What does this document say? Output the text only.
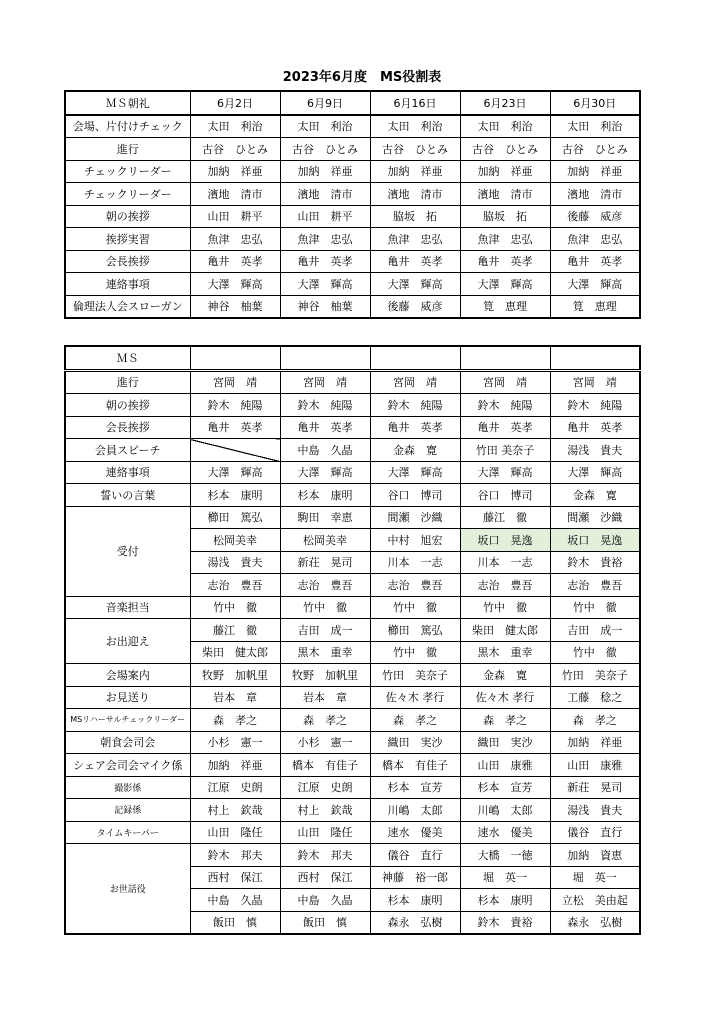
2023年6月度　MS役割表
ＭＳ朝礼	6月2日	6月9日	6月16日	6月23日	6月30日
会場、片付けチェック	太田　利治	太田　利治	太田　利治	太田　利治	太田　利治
進行	古谷　ひとみ	古谷　ひとみ	古谷　ひとみ	古谷　ひとみ	古谷　ひとみ
チェックリーダー	加納　祥亜	加納　祥亜	加納　祥亜	加納　祥亜	加納　祥亜
チェックリーダー	濱地　清市	濱地　清市	濱地　清市	濱地　清市	濱地　清市
朝の挨拶	山田　耕平	山田　耕平	脇坂　拓	脇坂　拓	後藤　威彦
挨拶実習	魚津　忠弘	魚津　忠弘	魚津　忠弘	魚津　忠弘	魚津　忠弘
会長挨拶	亀井　英孝	亀井　英孝	亀井　英孝	亀井　英孝	亀井　英孝
連絡事項	大澤　輝高	大澤　輝高	大澤　輝高	大澤　輝高	大澤　輝高
倫理法人会スローガン	神谷　柚葉	神谷　柚葉	後藤　威彦	筧　恵理	筧　恵理
ＭＳ					
進行	宮岡　靖	宮岡　靖	宮岡　靖	宮岡　靖	宮岡　靖
朝の挨拶	鈴木　純陽	鈴木　純陽	鈴木　純陽	鈴木　純陽	鈴木　純陽
会長挨拶	亀井　英孝	亀井　英孝	亀井　英孝	亀井　英孝	亀井　英孝
会員スピーチ		中島　久晶	金森　寛	竹田 美奈子	湯浅　貴夫
連絡事項	大澤　輝高	大澤　輝高	大澤　輝高	大澤　輝高	大澤　輝高
誓いの言葉	杉本　康明	杉本　康明	谷口　博司	谷口　博司	金森　寛
受付	櫛田　篤弘	駒田　幸恵	間瀬　沙織	藤江　徹	間瀬　沙織
	松岡美幸	松岡美幸	中村　旭宏	坂口　晃逸	坂口　晃逸
	湯浅　貴夫	新荘　晃司	川本　一志	川本　一志	鈴木　貴裕
	志治　豊吾	志治　豊吾	志治　豊吾	志治　豊吾	志治　豊吾
音楽担当	竹中　徹	竹中　徹	竹中　徹	竹中　徹	竹中　徹
お出迎え	藤江　徹	吉田　成一	櫛田　篤弘	柴田　健太郎	吉田　成一
	柴田　健太郎	黒木　重幸	竹中　徹	黒木　重幸	竹中　徹
会場案内	牧野　加帆里	牧野　加帆里	竹田　美奈子	金森　寛	竹田　美奈子
お見送り	岩本　章	岩本　章	佐々木 孝行	佐々木 孝行	工藤　稔之
MSリハーサルチェックリーダー	森　孝之	森　孝之	森　孝之	森　孝之	森　孝之
朝食会司会	小杉　憲一	小杉　憲一	織田　実沙	織田　実沙	加納　祥亜
シェア会司会マイク係	加納　祥亜	橋本　有佳子	橋本　有佳子	山田　康雅	山田　康雅
撮影係	江原　史朗	江原　史朗	杉本　宣芳	杉本　宣芳	新荘　晃司
記録係	村上　欽哉	村上　欽哉	川嶋　太郎	川嶋　太郎	湯浅　貴夫
タイムキーパー	山田　隆任	山田　隆任	速水　優美	速水　優美	儀谷　直行
お世話役	鈴木　邦夫	鈴木　邦夫	儀谷　直行	大橋　一徳	加納　資恵
	西村　保江	西村　保江	神藤　裕一郎	堀　英一	堀　英一
	中島　久晶	中島　久晶	杉本　康明	杉本　康明	立松　美由起
	飯田　慎	飯田　慎	森永　弘樹	鈴木　貴裕	森永　弘樹
